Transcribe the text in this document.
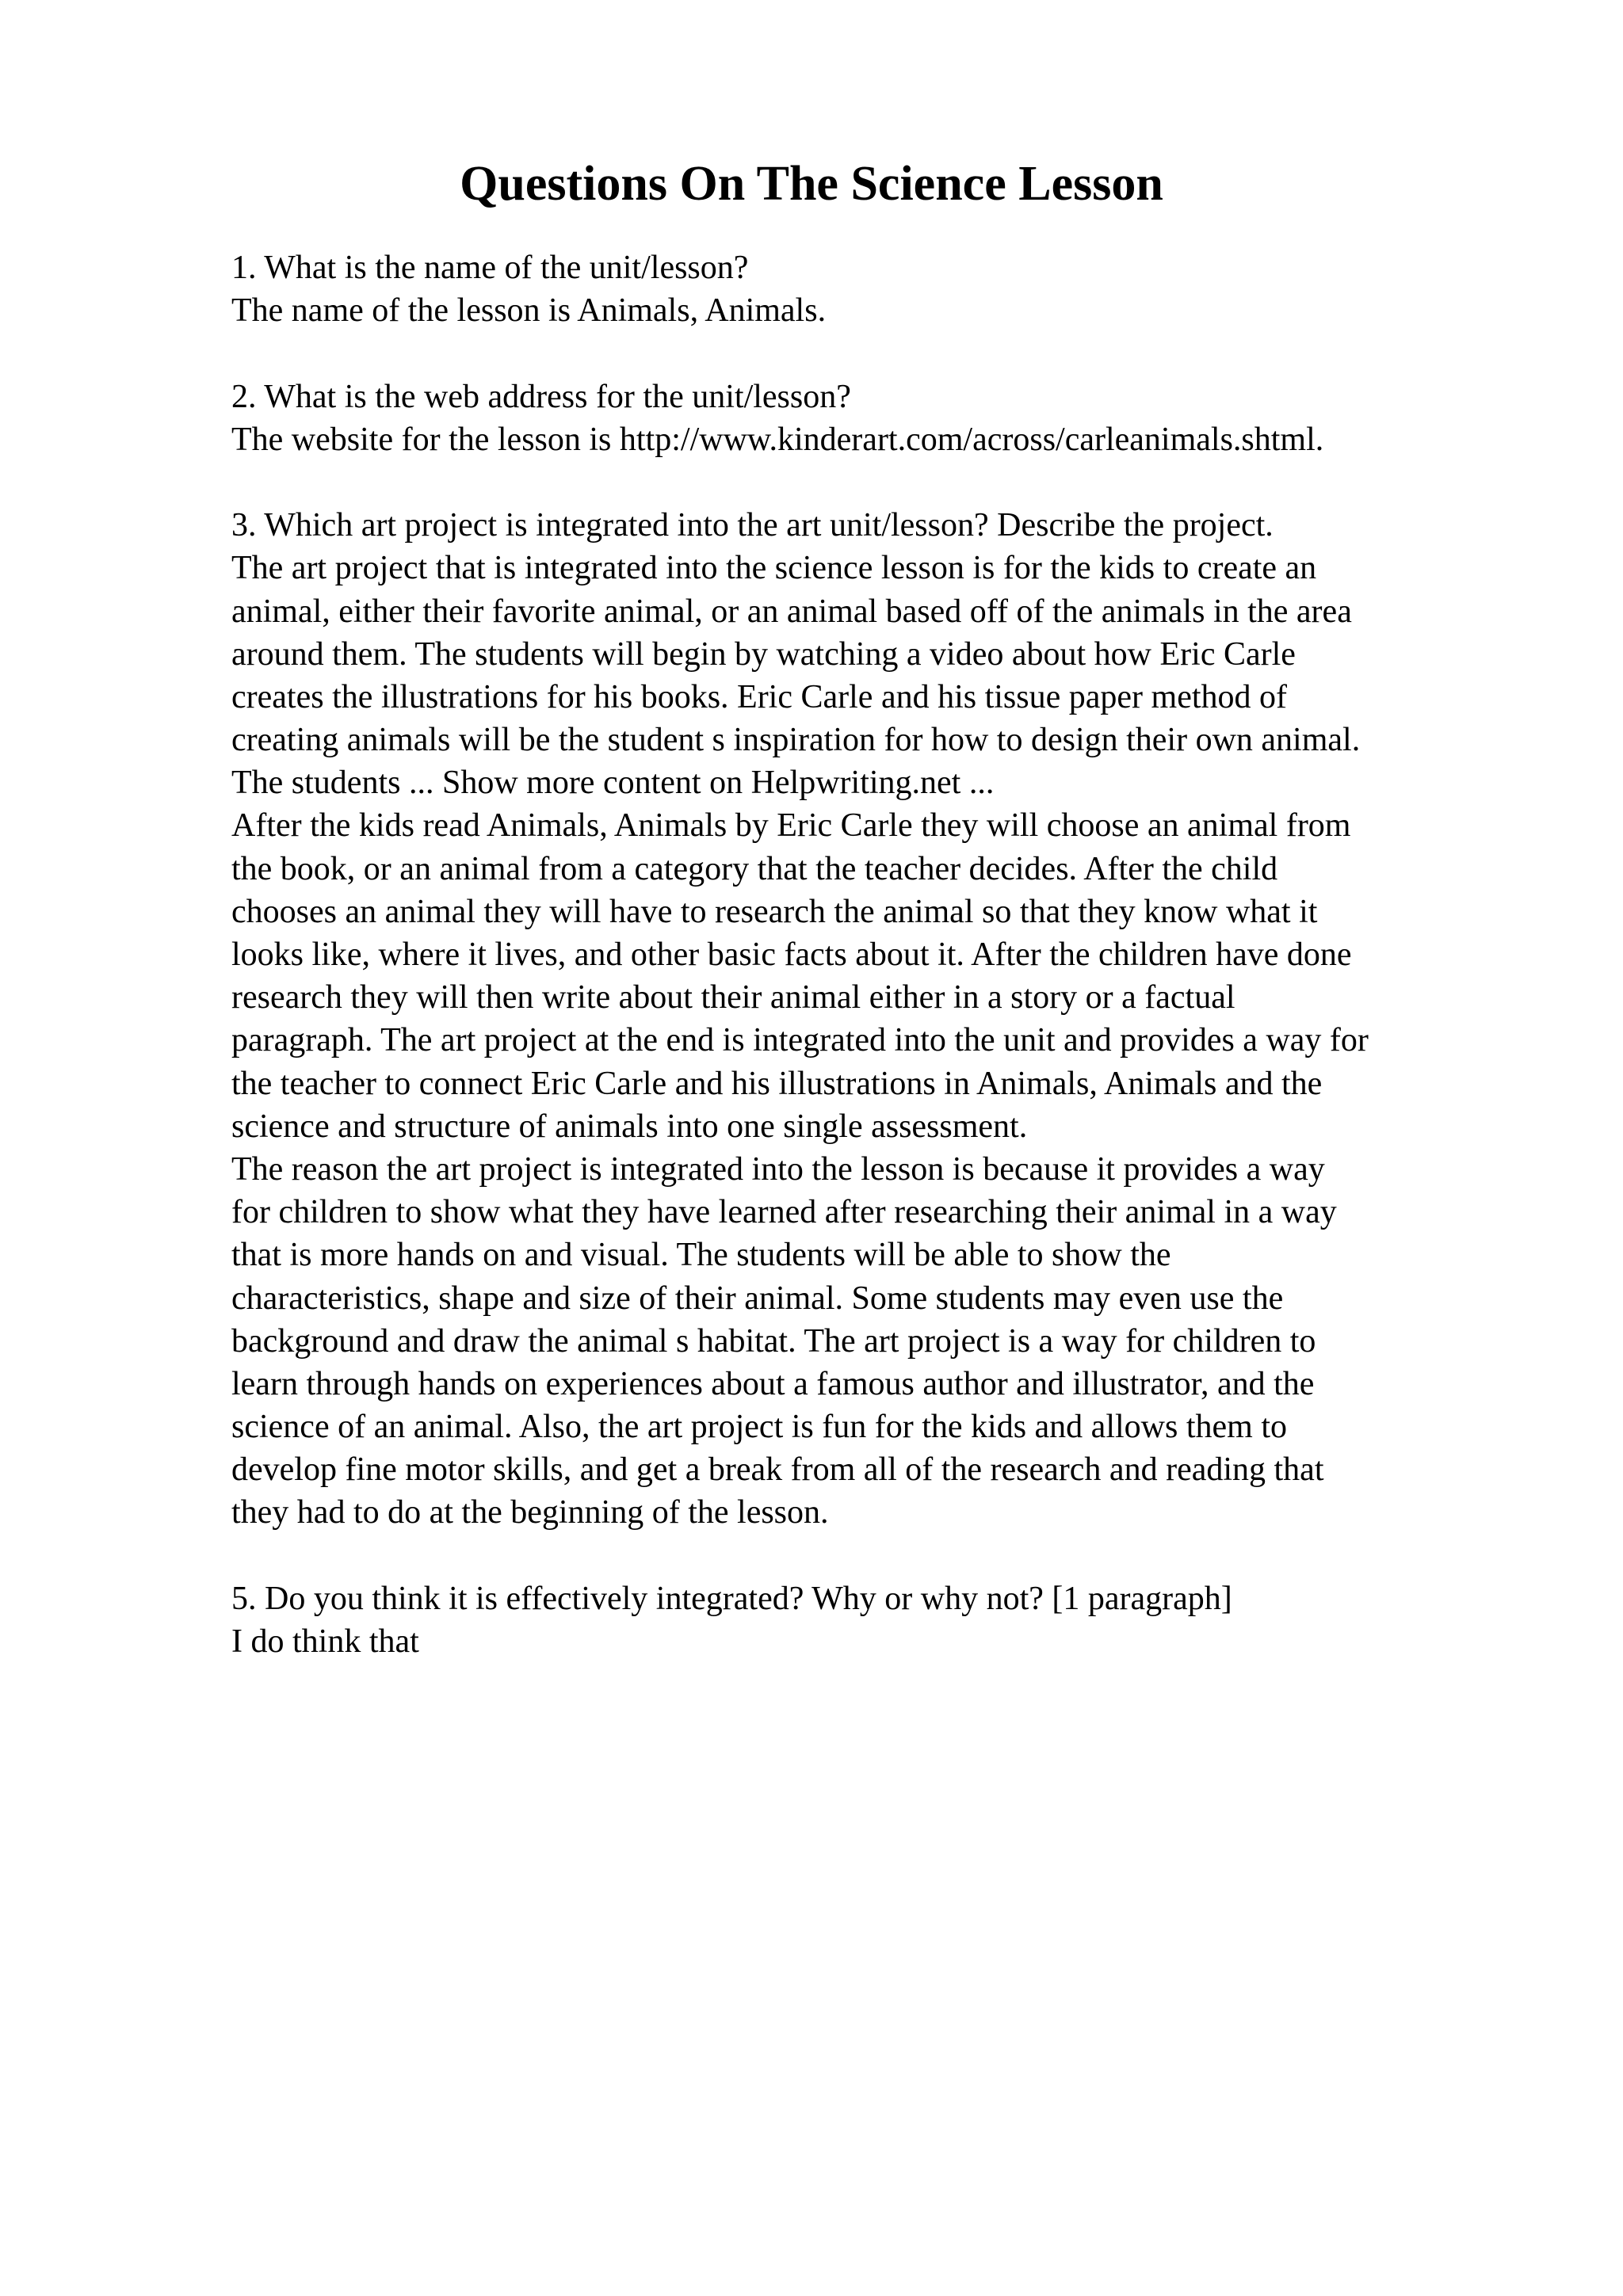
Questions On The Science Lesson
1. What is the name of the unit/lesson?
The name of the lesson is Animals, Animals.
2. What is the web address for the unit/lesson?
The website for the lesson is http://www.kinderart.com/across/carleanimals.shtml.
3. Which art project is integrated into the art unit/lesson? Describe the project.
The art project that is integrated into the science lesson is for the kids to create an
animal, either their favorite animal, or an animal based off of the animals in the area
around them. The students will begin by watching a video about how Eric Carle
creates the illustrations for his books. Eric Carle and his tissue paper method of
creating animals will be the student s inspiration for how to design their own animal.
The students ... Show more content on Helpwriting.net ...
After the kids read Animals, Animals by Eric Carle they will choose an animal from
the book, or an animal from a category that the teacher decides. After the child
chooses an animal they will have to research the animal so that they know what it
looks like, where it lives, and other basic facts about it. After the children have done
research they will then write about their animal either in a story or a factual
paragraph. The art project at the end is integrated into the unit and provides a way for
the teacher to connect Eric Carle and his illustrations in Animals, Animals and the
science and structure of animals into one single assessment.
The reason the art project is integrated into the lesson is because it provides a way
for children to show what they have learned after researching their animal in a way
that is more hands on and visual. The students will be able to show the
characteristics, shape and size of their animal. Some students may even use the
background and draw the animal s habitat. The art project is a way for children to
learn through hands on experiences about a famous author and illustrator, and the
science of an animal. Also, the art project is fun for the kids and allows them to
develop fine motor skills, and get a break from all of the research and reading that
they had to do at the beginning of the lesson.
5. Do you think it is effectively integrated? Why or why not? [1 paragraph]
I do think that
